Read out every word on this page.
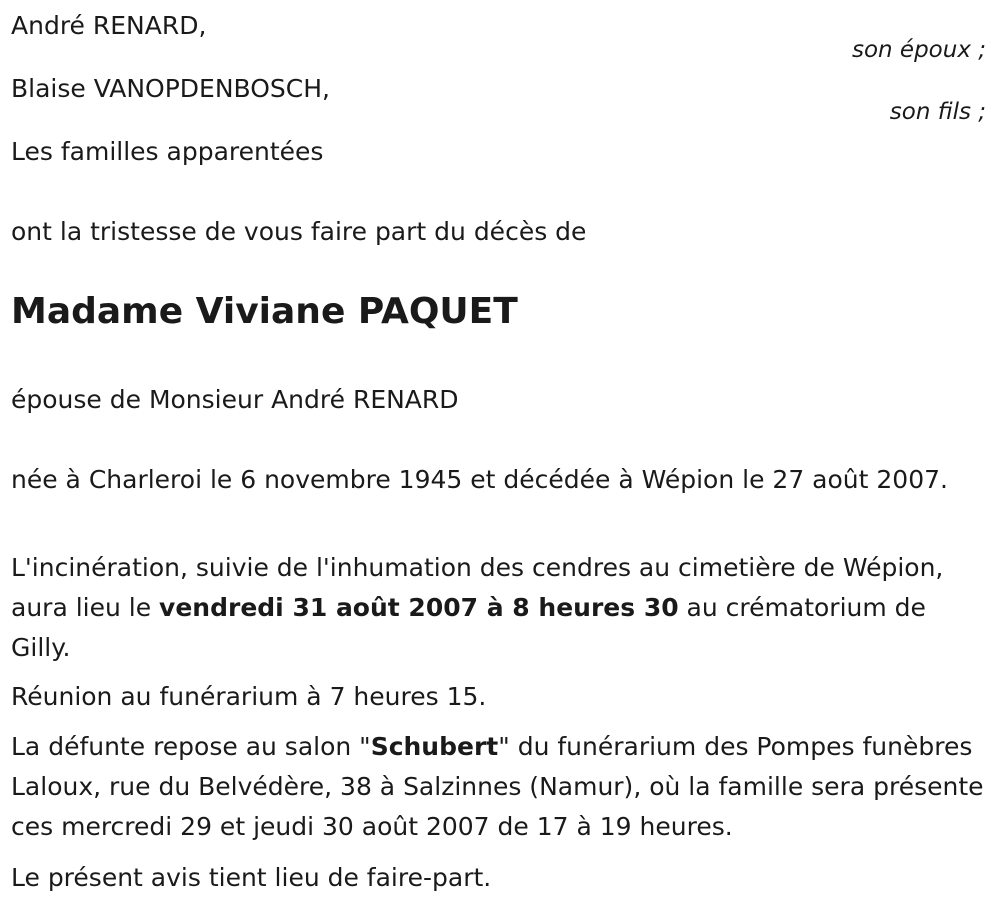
André RENARD,
son époux ;
Blaise VANOPDENBOSCH,
son fils ;
Les familles apparentées
ont la tristesse de vous faire part du décès de
Madame Viviane PAQUET
épouse de Monsieur André RENARD
née à Charleroi le 6 novembre 1945 et décédée à Wépion le 27 août 2007.
L'incinération, suivie de l'inhumation des cendres au cimetière de Wépion, aura lieu le vendredi 31 août 2007 à 8 heures 30 au crématorium de Gilly.
Réunion au funérarium à 7 heures 15.
La défunte repose au salon "Schubert" du funérarium des Pompes funèbres Laloux, rue du Belvédère, 38 à Salzinnes (Namur), où la famille sera présente ces mercredi 29 et jeudi 30 août 2007 de 17 à 19 heures.
Le présent avis tient lieu de faire-part.
